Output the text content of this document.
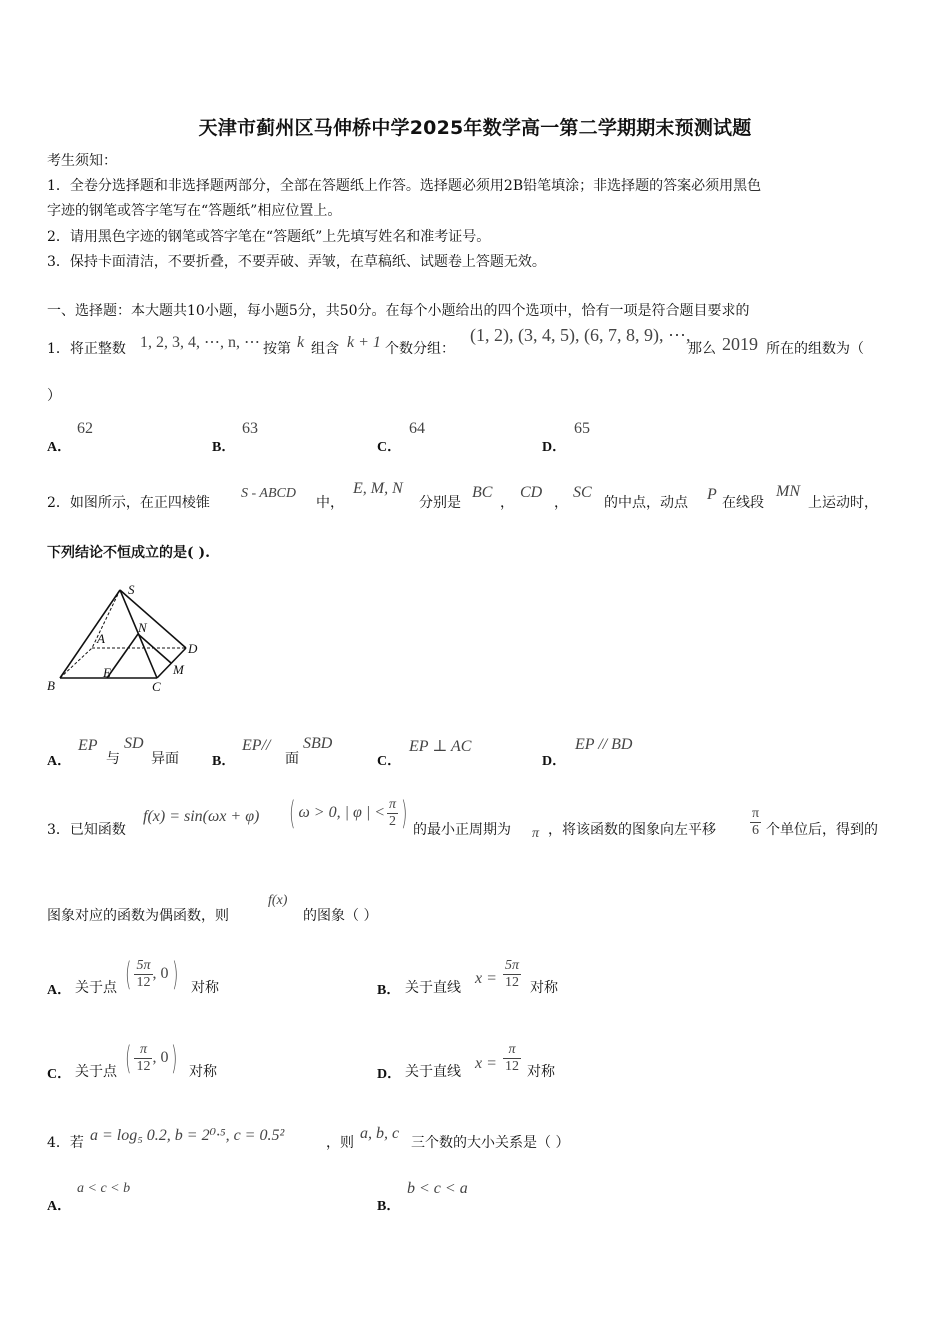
天津市蓟州区马伸桥中学2025年数学高一第二学期期末预测试题
考生须知：
1．全卷分选择题和非选择题两部分，全部在答题纸上作答。选择题必须用2B铅笔填涂；非选择题的答案必须用黑色
字迹的钢笔或答字笔写在“答题纸”相应位置上。
2．请用黑色字迹的钢笔或答字笔在“答题纸”上先填写姓名和准考证号。
3．保持卡面清洁，不要折叠，不要弄破、弄皱，在草稿纸、试题卷上答题无效。
一、选择题：本大题共10小题，每小题5分，共50分。在每个小题给出的四个选项中，恰有一项是符合题目要求的
1．将正整数 1, 2, 3, 4, ⋯, n, ⋯ 按第 k 组含 k + 1 个数分组：
(1, 2), (3, 4, 5), (6, 7, 8, 9), ⋯,
那么 2019 所在的组数为（
）
A．
62
B．
63
C．
64
D．
65
2．如图所示，在正四棱锥
S - ABCD
中，
E, M, N
分别是
BC
，
CD
，
SC
的中点，动点 P 在线段
MN
上运动时，
下列结论不恒成立的是( ).
S
A
N
D
E	M
B	C
A．
EP
与
SD
异面 B．
EP//
面
SBD
C．
EP ⊥ AC
D．
EP // BD
3．已知函数
f(x) = sin(ωx + φ) ( ω > 0, | φ | < $\frac{\pi}{2}$ ) 的最小正周期为 π ，将该函数的图象向左平移 $\frac{\pi}{6}$ 个单位后，得到的
图象对应的函数为偶函数，则
f(x)
的图象（ ）
A． 关于点 ( $\frac{5\pi}{12}$ , 0) 对称	B． 关于直线
$x = \frac{5\pi}{12}$ 对称
C． 关于点 ( $\frac{\pi}{12}$ , 0) 对称	D． 关于直线 $x = \frac{\pi}{12}$ 对称
4．若 a = log₅ 0.2, b = 2⁰·⁵, c = 0.5²	，则
a, b, c
三个数的大小关系是（ ）
A．
a < c < b
B．
b < c < a
